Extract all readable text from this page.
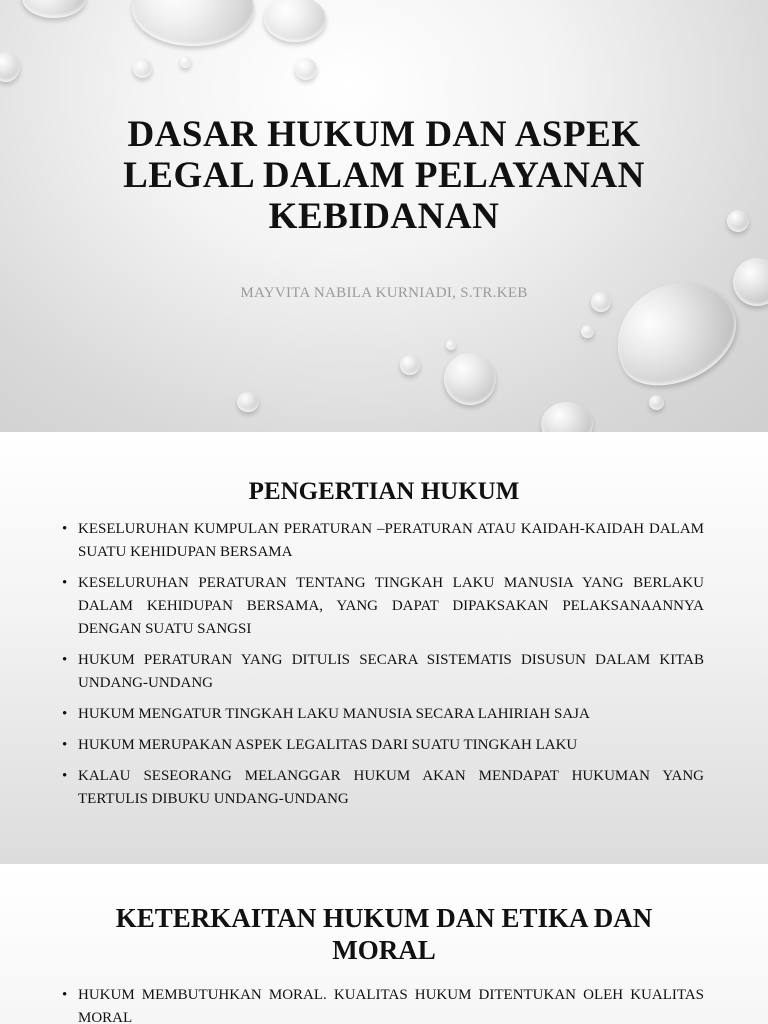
DASAR HUKUM DAN ASPEK
LEGAL DALAM PELAYANAN
KEBIDANAN
MAYVITA NABILA KURNIADI, S.TR.KEB
PENGERTIAN HUKUM
• KESELURUHAN KUMPULAN PERATURAN –PERATURAN ATAU KAIDAH-KAIDAH DALAM SUATU KEHIDUPAN BERSAMA
• KESELURUHAN PERATURAN TENTANG TINGKAH LAKU MANUSIA YANG BERLAKU DALAM KEHIDUPAN BERSAMA, YANG DAPAT DIPAKSAKAN PELAKSANAANNYA DENGAN SUATU SANGSI
• HUKUM PERATURAN YANG DITULIS SECARA SISTEMATIS DISUSUN DALAM KITAB UNDANG-UNDANG
• HUKUM MENGATUR TINGKAH LAKU MANUSIA SECARA LAHIRIAH SAJA
• HUKUM MERUPAKAN ASPEK LEGALITAS DARI SUATU TINGKAH LAKU
• KALAU SESEORANG MELANGGAR HUKUM AKAN MENDAPAT HUKUMAN YANG TERTULIS DIBUKU UNDANG-UNDANG
KETERKAITAN HUKUM DAN ETIKA DAN
MORAL
• HUKUM MEMBUTUHKAN MORAL. KUALITAS HUKUM DITENTUKAN OLEH KUALITAS MORAL
